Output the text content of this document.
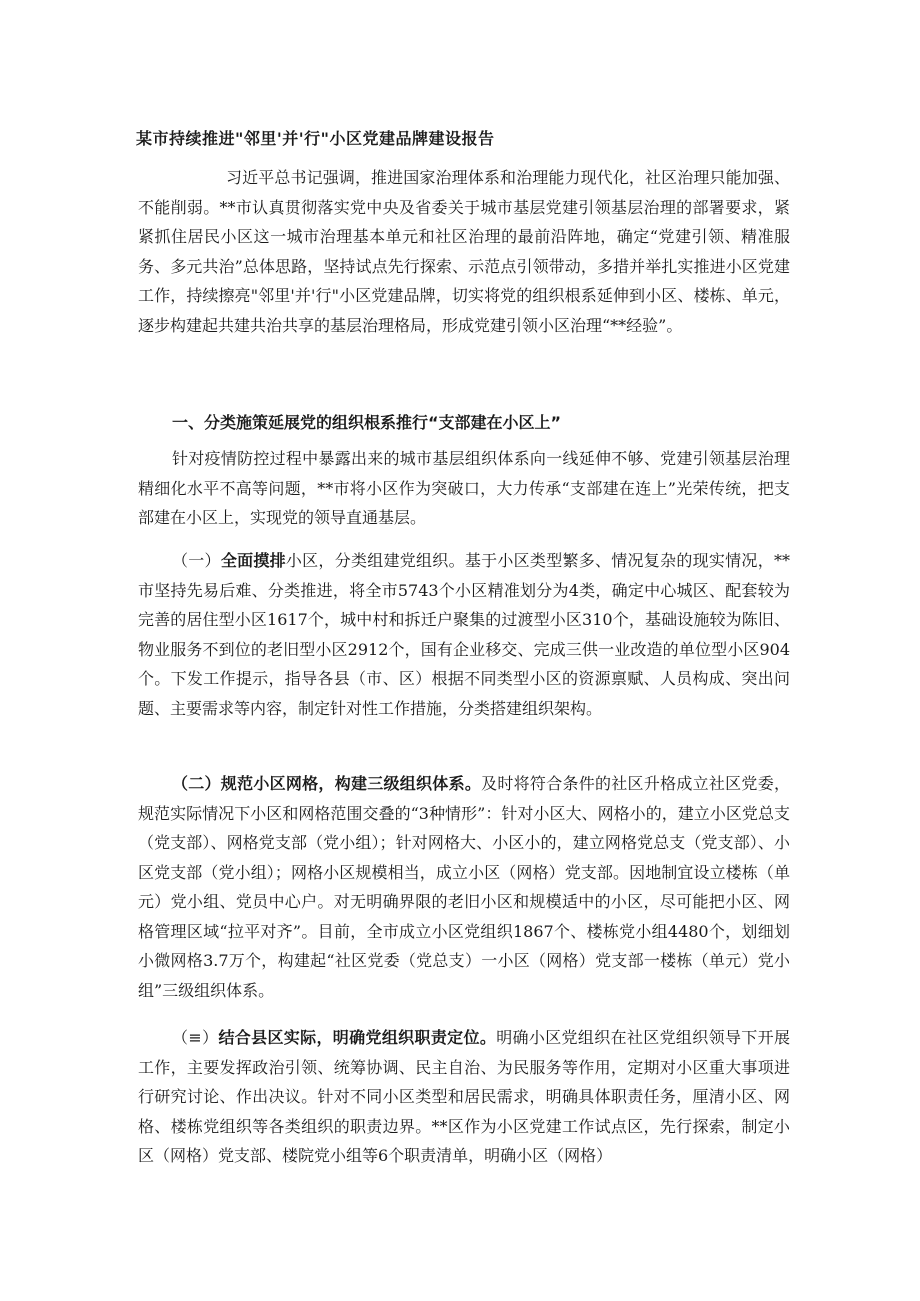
某市持续推进"邻里'并'行"小区党建品牌建设报告

习近平总书记强调，推进国家治理体系和治理能力现代化，社区治理只能加强、不能削弱。**市认真贯彻落实党中央及省委关于城市基层党建引领基层治理的部署要求，紧紧抓住居民小区这一城市治理基本单元和社区治理的最前沿阵地，确定“党建引领、精准服务、多元共治”总体思路，坚持试点先行探索、示范点引领带动，多措并举扎实推进小区党建工作，持续擦亮"邻里'并'行"小区党建品牌，切实将党的组织根系延伸到小区、楼栋、单元，逐步构建起共建共治共享的基层治理格局，形成党建引领小区治理“**经验”。

一、分类施策延展党的组织根系推行“支部建在小区上”

针对疫情防控过程中暴露出来的城市基层组织体系向一线延伸不够、党建引领基层治理精细化水平不高等问题，**市将小区作为突破口，大力传承“支部建在连上”光荣传统，把支部建在小区上，实现党的领导直通基层。

（一）全面摸排小区，分类组建党组织。基于小区类型繁多、情况复杂的现实情况，**市坚持先易后难、分类推进，将全市5743个小区精准划分为4类，确定中心城区、配套较为完善的居住型小区1617个，城中村和拆迁户聚集的过渡型小区310个，基础设施较为陈旧、物业服务不到位的老旧型小区2912个，国有企业移交、完成三供一业改造的单位型小区904个。下发工作提示，指导各县（市、区）根据不同类型小区的资源禀赋、人员构成、突出问题、主要需求等内容，制定针对性工作措施，分类搭建组织架构。

（二）规范小区网格，构建三级组织体系。及时将符合条件的社区升格成立社区党委，规范实际情况下小区和网格范围交叠的“3种情形”：针对小区大、网格小的，建立小区党总支（党支部）、网格党支部（党小组）；针对网格大、小区小的，建立网格党总支（党支部）、小区党支部（党小组）；网格小区规模相当，成立小区（网格）党支部。因地制宜设立楼栋（单元）党小组、党员中心户。对无明确界限的老旧小区和规模适中的小区，尽可能把小区、网格管理区域“拉平对齐”。目前，全市成立小区党组织1867个、楼栋党小组4480个，划细划小微网格3.7万个，构建起“社区党委（党总支）一小区（网格）党支部一楼栋（单元）党小组”三级组织体系。

（≡）结合县区实际，明确党组织职责定位。明确小区党组织在社区党组织领导下开展工作，主要发挥政治引领、统筹协调、民主自治、为民服务等作用，定期对小区重大事项进行研究讨论、作出决议。针对不同小区类型和居民需求，明确具体职责任务，厘清小区、网格、楼栋党组织等各类组织的职责边界。**区作为小区党建工作试点区，先行探索，制定小区（网格）党支部、楼院党小组等6个职责清单，明确小区（网格）
